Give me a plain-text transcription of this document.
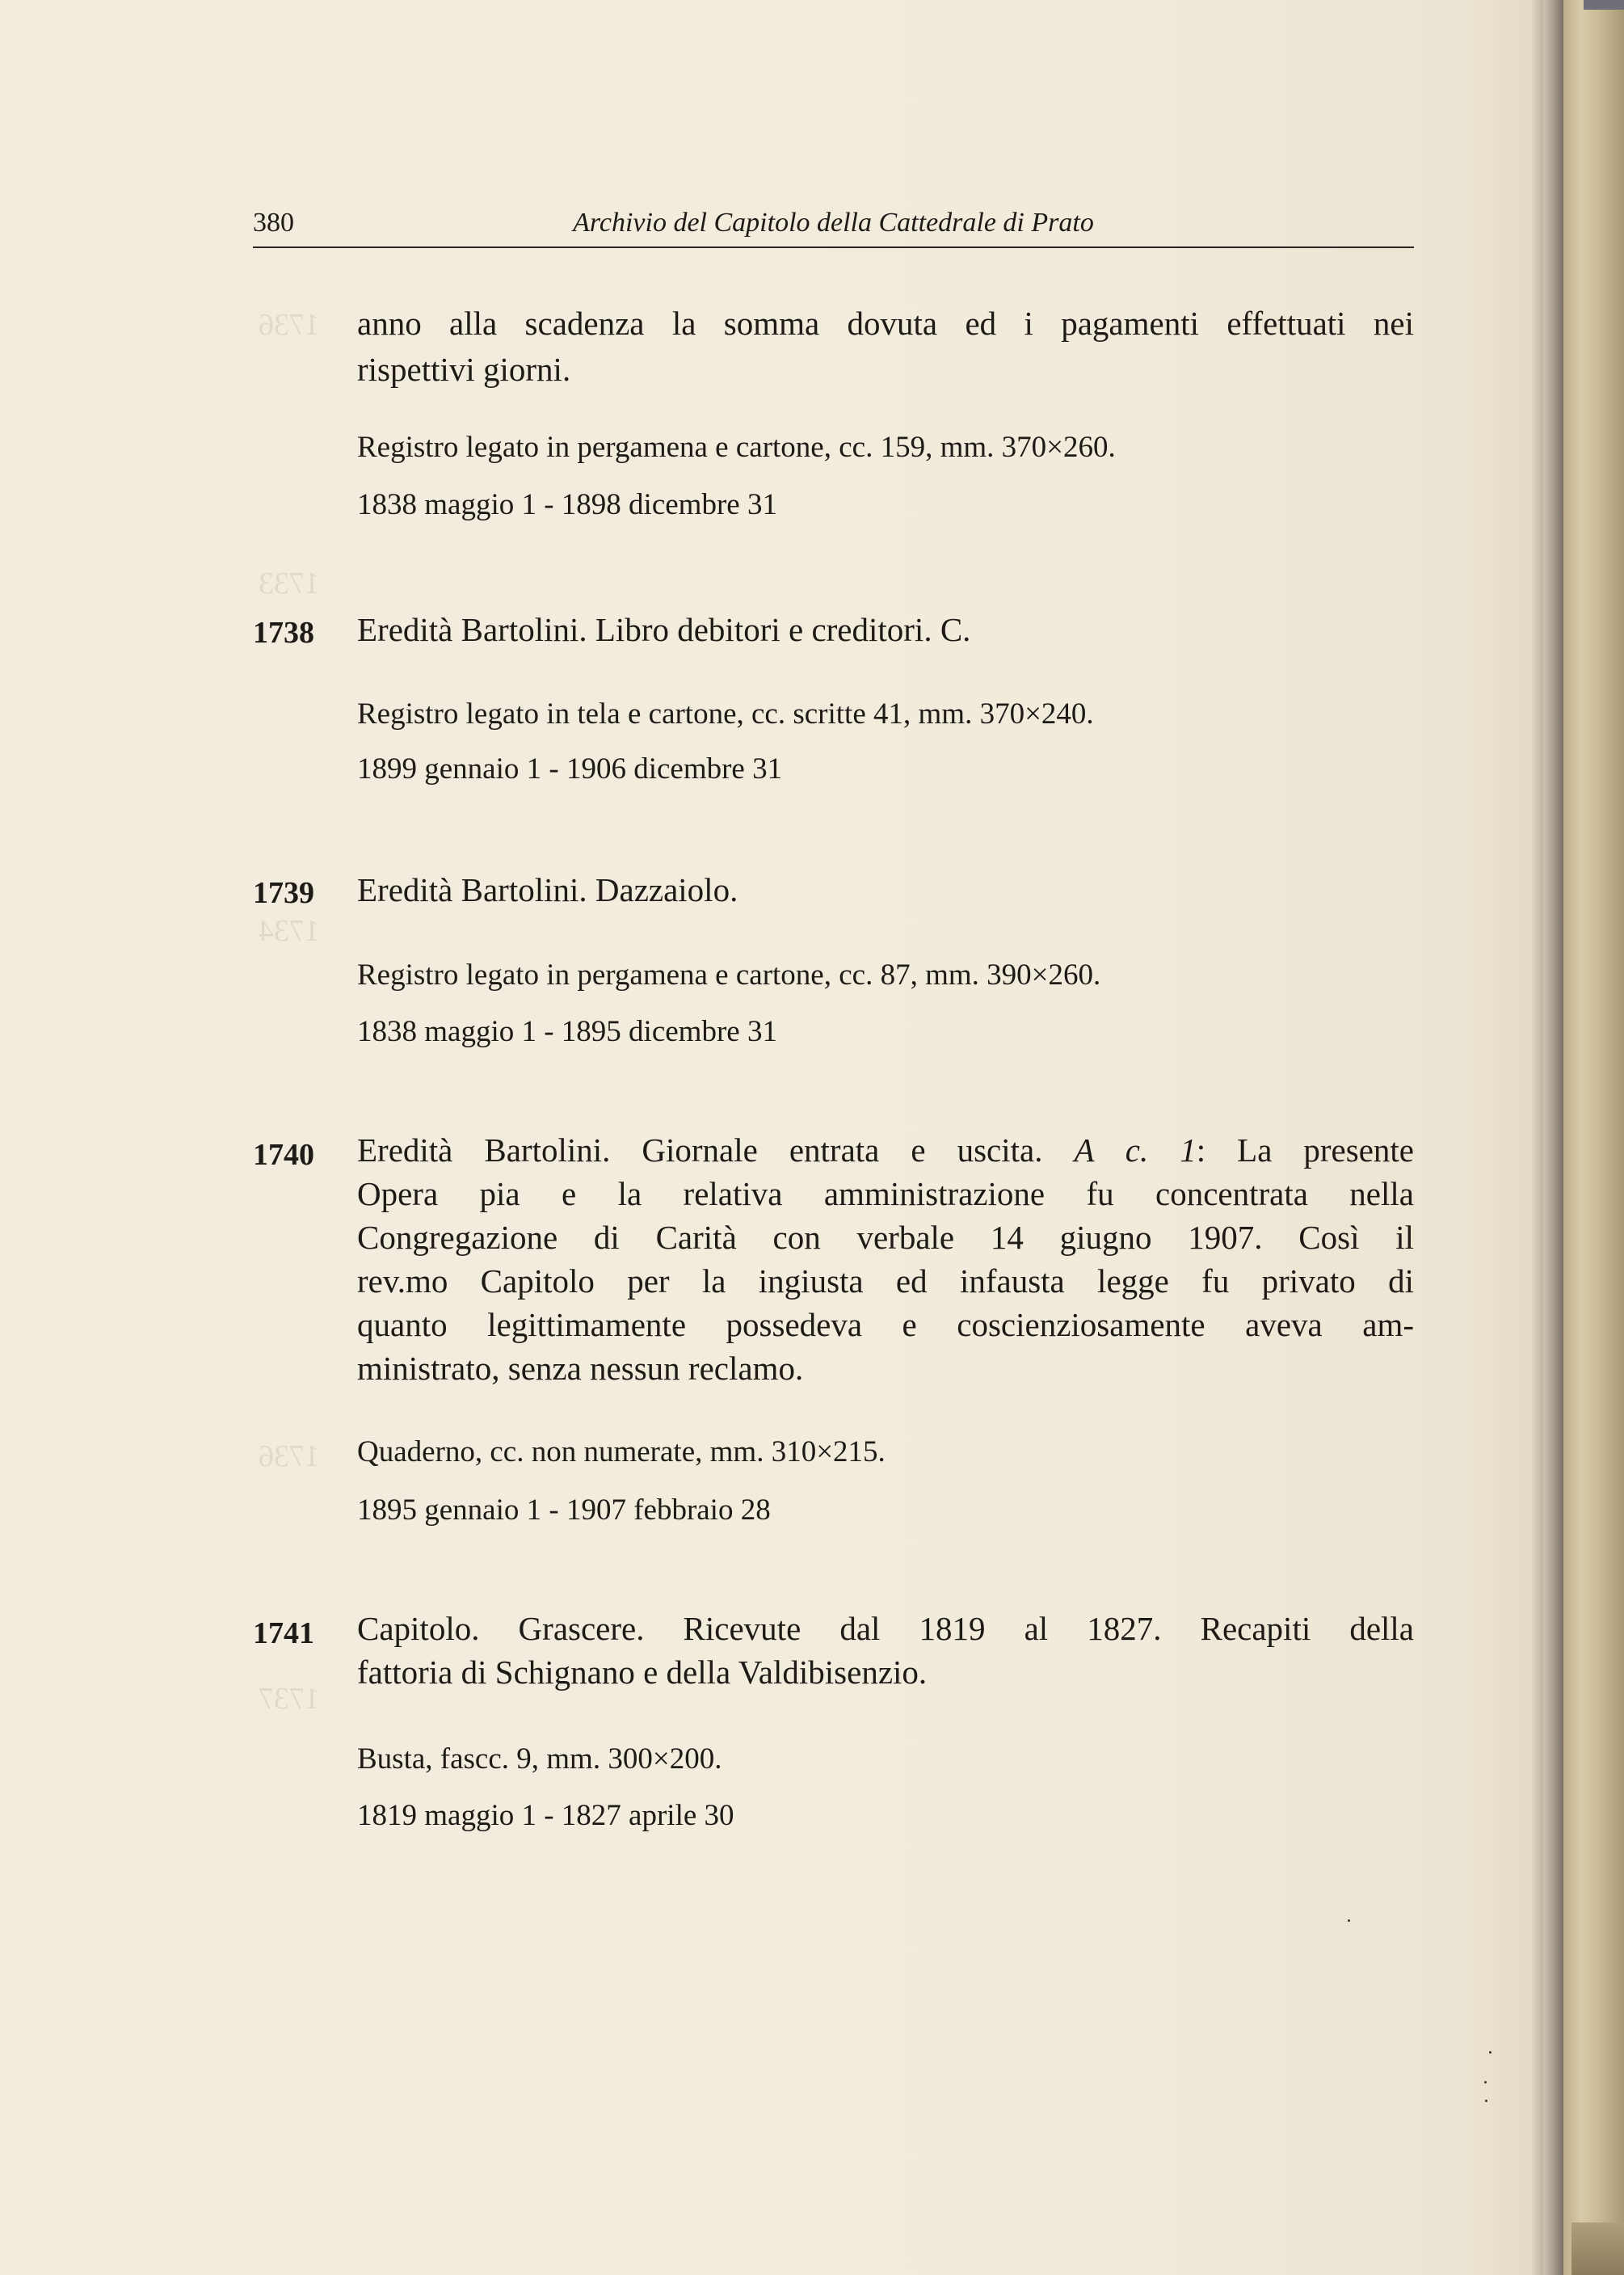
1736
1733
1734
1736
1737
380	Archivio del Capitolo della Cattedrale di Prato
anno alla scadenza la somma dovuta ed i pagamenti effettuati nei
rispettivi giorni.
Registro legato in pergamena e cartone, cc. 159, mm. 370×260.
1838 maggio 1 - 1898 dicembre 31
1738	Eredità Bartolini. Libro debitori e creditori. C.
Registro legato in tela e cartone, cc. scritte 41, mm. 370×240.
1899 gennaio 1 - 1906 dicembre 31
1739	Eredità Bartolini. Dazzaiolo.
Registro legato in pergamena e cartone, cc. 87, mm. 390×260.
1838 maggio 1 - 1895 dicembre 31
1740	Eredità Bartolini. Giornale entrata e uscita. A c. 1: La presente
Opera pia e la relativa amministrazione fu concentrata nella
Congregazione di Carità con verbale 14 giugno 1907. Così il
rev.mo Capitolo per la ingiusta ed infausta legge fu privato di
quanto legittimamente possedeva e coscienziosamente aveva am-
ministrato, senza nessun reclamo.
Quaderno, cc. non numerate, mm. 310×215.
1895 gennaio 1 - 1907 febbraio 28
1741	Capitolo. Grascere. Ricevute dal 1819 al 1827. Recapiti della
fattoria di Schignano e della Valdibisenzio.
Busta, fascc. 9, mm. 300×200.
1819 maggio 1 - 1827 aprile 30
